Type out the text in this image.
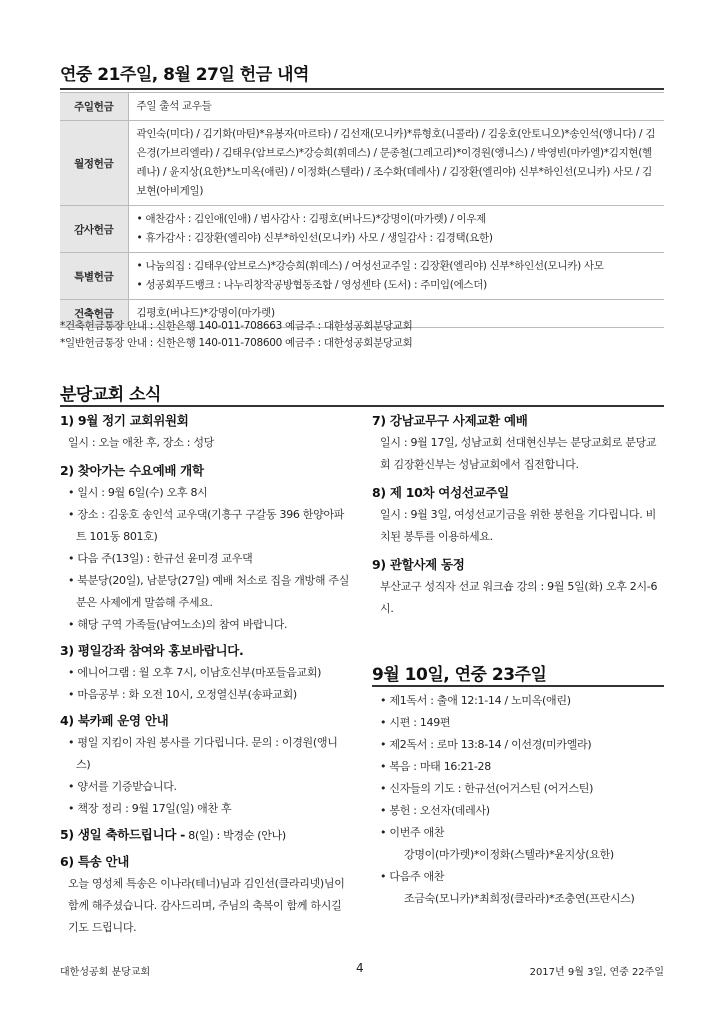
연중 21주일, 8월 27일 헌금 내역
주일헌금	주일 출석 교우들
월정헌금	곽인숙(미다) / 김기화(마틴)*유봉자(마르타) / 김선재(모니카)*류형호(니콜라) / 김웅호(안토니오)*송인석(앵니다) / 김은경(가브리엘라) / 김태우(암브로스)*강승희(휘데스) / 문종철(그레고리)*이경원(앵니스) / 박영빈(마카엘)*김지현(헬레나) / 윤지상(요한)*노미옥(애린) / 이정화(스텔라) / 조수화(데레사) / 김장환(엘리야) 신부*하인선(모니카) 사모 / 김보현(아비게일)
감사헌금	• 애찬감사 : 김인애(인애) / 범사감사 : 김평호(버나드)*강명이(마가렛) / 이우제
• 휴가감사 : 김장환(엘리야) 신부*하인선(모니카) 사모 / 생일감사 : 김경택(요한)

특별헌금	• 나눔의집 : 김태우(암브로스)*강승희(휘데스) / 여성선교주일 : 김장환(엘리야) 신부*하인선(모니카) 사모
• 성공회푸드뱅크 : 나누리창작공방협동조합 / 영성센타 (도서) : 주미임(에스더)

건축헌금	김평호(버나드)*강명이(마가렛)
*건축헌금통장 안내 : 신한은행 140-011-708663 예금주 : 대한성공회분당교회
*일반헌금통장 안내 : 신한은행 140-011-708600 예금주 : 대한성공회분당교회
분당교회 소식
1) 9월 정기 교회위원회
일시 : 오늘 애찬 후, 장소 : 성당
2) 찾아가는 수요예배 개학
• 일시 : 9월 6일(수) 오후 8시
• 장소 : 김웅호 송인석 교우댁(기흥구 구갈동 396 한양아파트 101동 801호)
• 다음 주(13일) : 한규선 윤미경 교우댁
• 북분당(20일), 남분당(27일) 예배 처소로 집을 개방해 주실 분은 사제에게 말씀해 주세요.
• 해당 구역 가족들(남여노소)의 참여 바랍니다.
3) 평일강좌 참여와 홍보바랍니다.
• 에니어그램 : 월 오후 7시, 이남호신부(마포들음교회)
• 마음공부 : 화 오전 10시, 오정열신부(송파교회)
4) 북카페 운영 안내
• 평일 지킴이 자원 봉사를 기다립니다. 문의 : 이경원(앵니스)
• 양서를 기증받습니다.
• 책장 정리 : 9월 17일(일) 애찬 후
5) 생일 축하드립니다 - 8(일) : 박경순 (안나)
6) 특송 안내
오늘 영성체 특송은 이나라(테너)님과 김인선(클라리넷)님이 함께 해주셨습니다. 감사드리며, 주님의 축복이 함께 하시길 기도 드립니다.
7) 강남교무구 사제교환 예배
일시 : 9월 17일, 성남교회 선대현신부는 분당교회로 분당교회 김장환신부는 성남교회에서 집전합니다.
8) 제 10차 여성선교주일
일시 : 9월 3일, 여성선교기금을 위한 봉헌을 기다립니다. 비치된 봉투를 이용하세요.
9) 관할사제 동정
부산교구 성직자 선교 워크숍 강의 : 9월 5일(화) 오후 2시-6시.
9월 10일, 연중 23주일
• 제1독서 : 출애 12:1-14 / 노미옥(애린)
• 시편 : 149편
• 제2독서 : 로마 13:8-14 / 이선경(미카엘라)
• 복음 : 마태 16:21-28
• 신자들의 기도 : 한규선(어거스틴 (어거스틴)
• 봉헌 : 오선자(데레사)
• 이번주 애찬
강명이(마가렛)*이정화(스텔라)*윤지상(요한)
• 다음주 애찬
조금숙(모니카)*최희정(클라라)*조충연(프란시스)
대한성공회 분당교회	4	2017년 9월 3일, 연중 22주일
